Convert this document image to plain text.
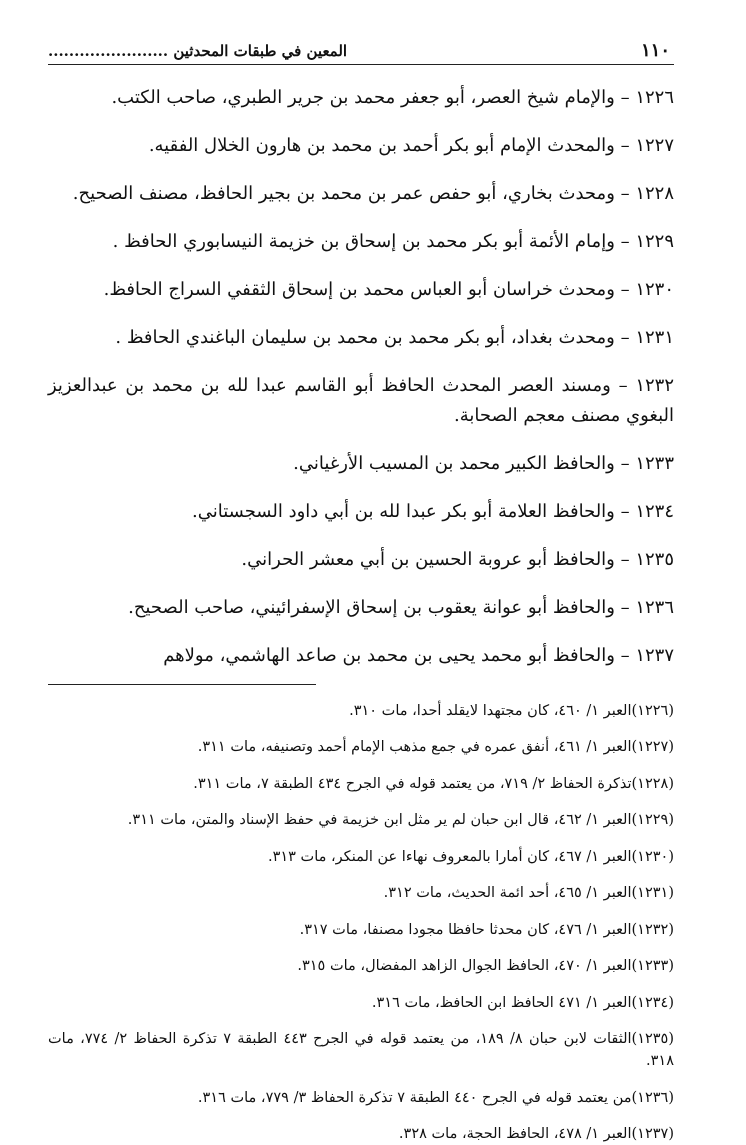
١١٠
المعين في طبقات المحدثين .......................

١٢٢٦ – والإمام شيخ العصر، أبو جعفر محمد بن جرير الطبري، صاحب الكتب.

١٢٢٧ – والمحدث الإمام أبو بكر أحمد بن محمد بن هارون الخلال الفقيه.

١٢٢٨ – ومحدث بخاري، أبو حفص عمر بن محمد بن بجير الحافظ، مصنف الصحيح.

١٢٢٩ – وإمام الأئمة أبو بكر محمد بن إسحاق بن خزيمة النيسابوري الحافظ .

١٢٣٠ – ومحدث خراسان أبو العباس محمد بن إسحاق الثقفي السراج الحافظ.

١٢٣١ – ومحدث بغداد، أبو بكر محمد بن محمد بن سليمان الباغندي الحافظ .

١٢٣٢ – ومسند العصر المحدث الحافظ أبو القاسم عبدا لله بن محمد بن عبدالعزيز البغوي مصنف معجم الصحابة.

١٢٣٣ – والحافظ الكبير محمد بن المسيب الأرغياني.

١٢٣٤ – والحافظ العلامة أبو بكر عبدا لله بن أبي داود السجستاني.

١٢٣٥ – والحافظ أبو عروبة الحسين بن أبي معشر الحراني.

١٢٣٦ – والحافظ أبو عوانة يعقوب بن إسحاق الإسفرائيني، صاحب الصحيح.

١٢٣٧ – والحافظ أبو محمد يحيى بن محمد بن صاعد الهاشمي، مولاهم

(١٢٢٦)العبر ١/ ٤٦٠، كان مجتهدا لايقلد أحدا، مات ٣١٠.

(١٢٢٧)العبر ١/ ٤٦١، أنفق عمره في جمع مذهب الإمام أحمد وتصنيفه، مات ٣١١.

(١٢٢٨)تذكرة الحفاظ ٢/ ٧١٩، من يعتمد قوله في الجرح ٤٣٤ الطبقة ٧، مات ٣١١.

(١٢٢٩)العبر ١/ ٤٦٢، قال ابن حبان لم ير مثل ابن خزيمة في حفظ الإسناد والمتن، مات ٣١١.

(١٢٣٠)العبر ١/ ٤٦٧، كان أمارا بالمعروف نهاءا عن المنكر، مات ٣١٣.

(١٢٣١)العبر ١/ ٤٦٥، أحد ائمة الحديث، مات ٣١٢.

(١٢٣٢)العبر ١/ ٤٧٦، كان محدثا حافظا مجودا مصنفا، مات ٣١٧.

(١٢٣٣)العبر ١/ ٤٧٠، الحافظ الجوال الزاهد المفضال، مات ٣١٥.

(١٢٣٤)العبر ١/ ٤٧١ الحافظ ابن الحافظ، مات ٣١٦.

(١٢٣٥)الثقات لابن حبان ٨/ ١٨٩، من يعتمد قوله في الجرح ٤٤٣ الطبقة ٧ تذكرة الحفاظ ٢/ ٧٧٤، مات ٣١٨.

(١٢٣٦)من يعتمد قوله في الجرح ٤٤٠ الطبقة ٧ تذكرة الحفاظ ٣/ ٧٧٩، مات ٣١٦.

(١٢٣٧)العبر ١/ ٤٧٨، الحافظ الحجة، مات ٣٢٨.
